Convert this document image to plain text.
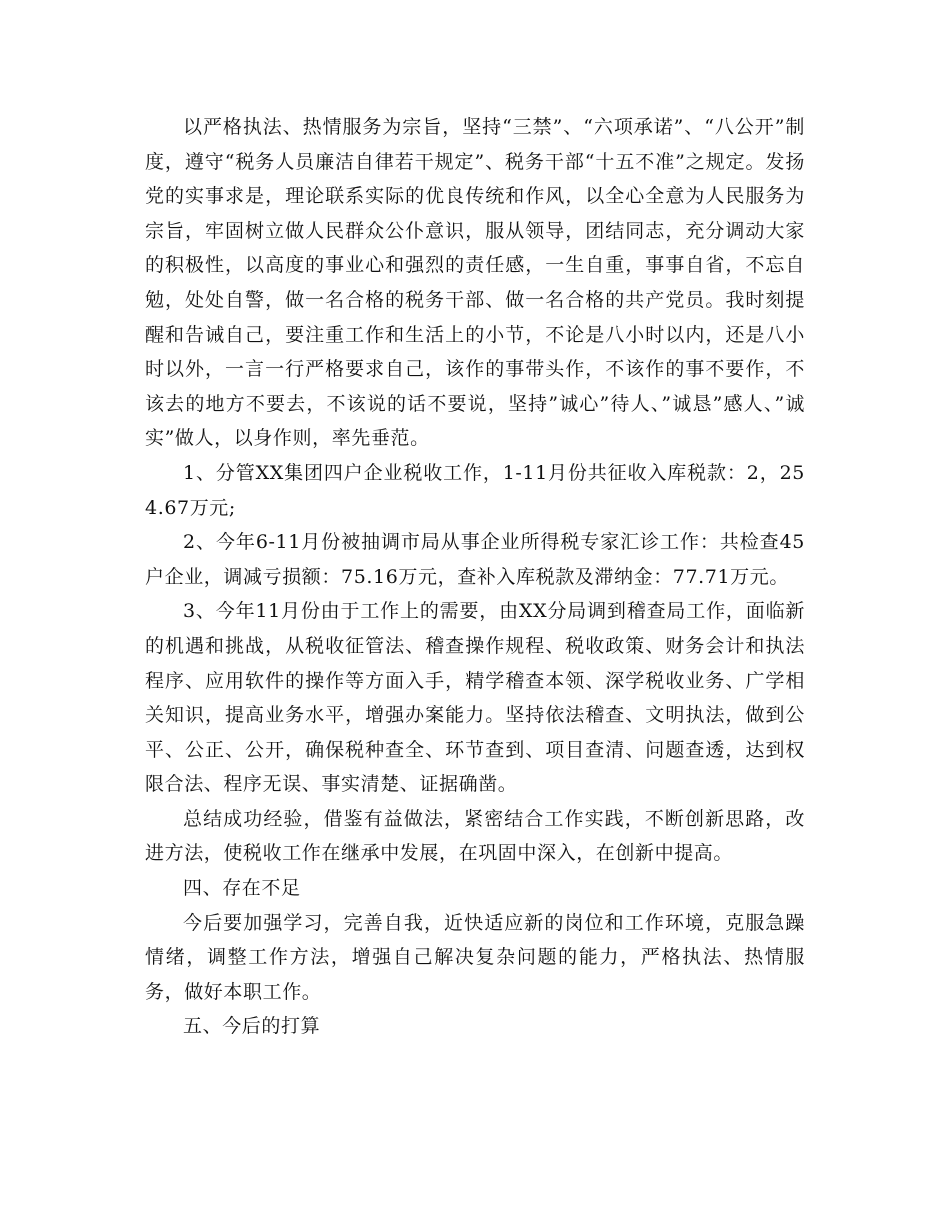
以严格执法、热情服务为宗旨，坚持“三禁”、“六项承诺”、“八公开”制度，遵守“税务人员廉洁自律若干规定”、税务干部“十五不准”之规定。发扬党的实事求是，理论联系实际的优良传统和作风，以全心全意为人民服务为宗旨，牢固树立做人民群众公仆意识，服从领导，团结同志，充分调动大家的积极性，以高度的事业心和强烈的责任感，一生自重，事事自省，不忘自勉，处处自警，做一名合格的税务干部、做一名合格的共产党员。我时刻提醒和告诫自己，要注重工作和生活上的小节，不论是八小时以内，还是八小时以外，一言一行严格要求自己，该作的事带头作，不该作的事不要作，不该去的地方不要去，不该说的话不要说，坚持”诚心”待人、”诚恳”感人、”诚实”做人，以身作则，率先垂范。

1、分管XX集团四户企业税收工作，1-11月份共征收入库税款：2，254.67万元;

2、今年6-11月份被抽调市局从事企业所得税专家汇诊工作：共检查45户企业，调减亏损额：75.16万元，查补入库税款及滞纳金：77.71万元。

3、今年11月份由于工作上的需要，由XX分局调到稽查局工作，面临新的机遇和挑战，从税收征管法、稽查操作规程、税收政策、财务会计和执法程序、应用软件的操作等方面入手，精学稽查本领、深学税收业务、广学相关知识，提高业务水平，增强办案能力。坚持依法稽查、文明执法，做到公平、公正、公开，确保税种查全、环节查到、项目查清、问题查透，达到权限合法、程序无误、事实清楚、证据确凿。

总结成功经验，借鉴有益做法，紧密结合工作实践，不断创新思路，改进方法，使税收工作在继承中发展，在巩固中深入，在创新中提高。

四、存在不足

今后要加强学习，完善自我，近快适应新的岗位和工作环境，克服急躁情绪，调整工作方法，增强自己解决复杂问题的能力，严格执法、热情服务，做好本职工作。

五、今后的打算
